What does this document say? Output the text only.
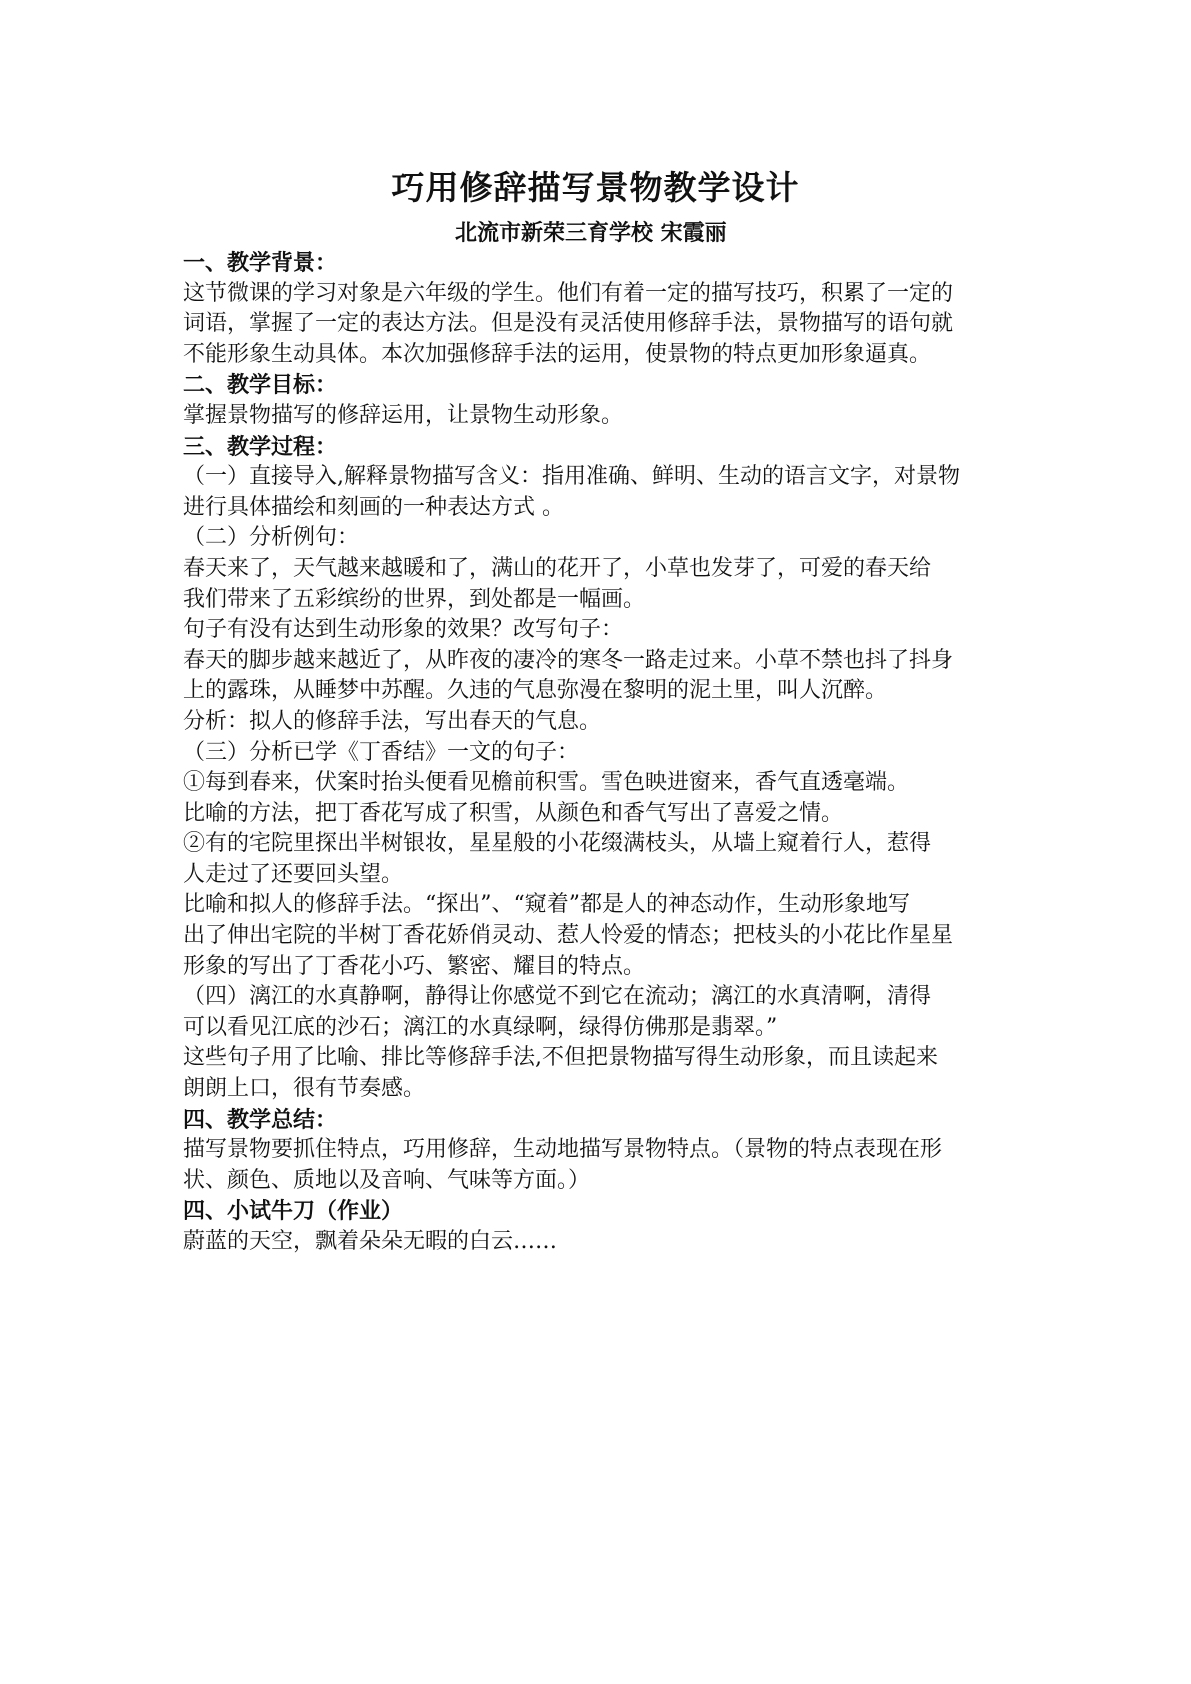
巧用修辞描写景物教学设计
北流市新荣三育学校 宋霞丽
一、教学背景：
这节微课的学习对象是六年级的学生。他们有着一定的描写技巧，积累了一定的
词语，掌握了一定的表达方法。但是没有灵活使用修辞手法，景物描写的语句就
不能形象生动具体。本次加强修辞手法的运用，使景物的特点更加形象逼真。
二、教学目标：
掌握景物描写的修辞运用，让景物生动形象。
三、教学过程：
（一）直接导入,解释景物描写含义：指用准确、鲜明、生动的语言文字，对景物
进行具体描绘和刻画的一种表达方式 。
（二）分析例句：
春天来了，天气越来越暖和了，满山的花开了，小草也发芽了，可爱的春天给
我们带来了五彩缤纷的世界，到处都是一幅画。
句子有没有达到生动形象的效果？改写句子：
春天的脚步越来越近了，从昨夜的凄冷的寒冬一路走过来。小草不禁也抖了抖身
上的露珠，从睡梦中苏醒。久违的气息弥漫在黎明的泥土里，叫人沉醉。
分析：拟人的修辞手法，写出春天的气息。
（三）分析已学《丁香结》一文的句子：
①每到春来，伏案时抬头便看见檐前积雪。雪色映进窗来，香气直透毫端。
比喻的方法，把丁香花写成了积雪，从颜色和香气写出了喜爱之情。
②有的宅院里探出半树银妆，星星般的小花缀满枝头，从墙上窥着行人，惹得
人走过了还要回头望。
比喻和拟人的修辞手法。“探出”、“窥着”都是人的神态动作，生动形象地写
出了伸出宅院的半树丁香花娇俏灵动、惹人怜爱的情态；把枝头的小花比作星星
形象的写出了丁香花小巧、繁密、耀目的特点。
（四）漓江的水真静啊，静得让你感觉不到它在流动；漓江的水真清啊，清得
可以看见江底的沙石；漓江的水真绿啊，绿得仿佛那是翡翠。”
这些句子用了比喻、排比等修辞手法,不但把景物描写得生动形象，而且读起来
朗朗上口，很有节奏感。
四、教学总结：
描写景物要抓住特点，巧用修辞，生动地描写景物特点。（景物的特点表现在形
状、颜色、质地以及音响、气味等方面。）
四、小试牛刀（作业）
蔚蓝的天空，飘着朵朵无暇的白云……
